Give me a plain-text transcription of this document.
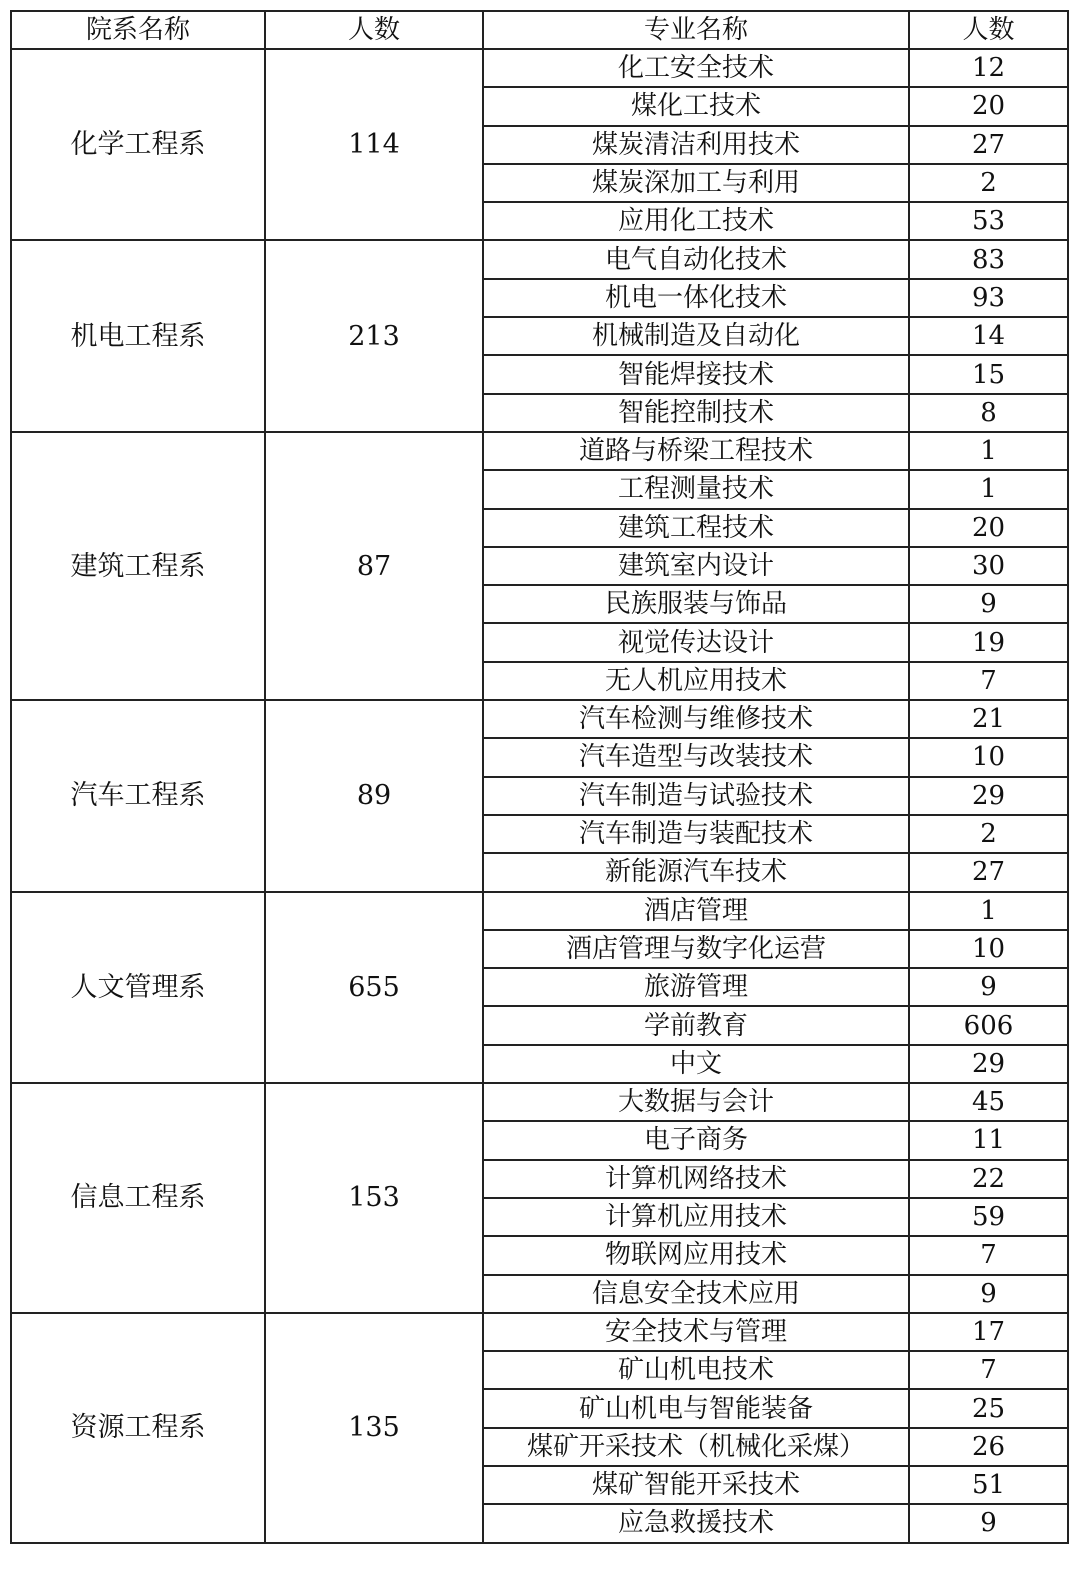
院系名称	人数	专业名称	人数
化学工程系	114	化工安全技术	12
		煤化工技术	20
		煤炭清洁利用技术	27
		煤炭深加工与利用	2
		应用化工技术	53
机电工程系	213	电气自动化技术	83
		机电一体化技术	93
		机械制造及自动化	14
		智能焊接技术	15
		智能控制技术	8
建筑工程系	87	道路与桥梁工程技术	1
		工程测量技术	1
		建筑工程技术	20
		建筑室内设计	30
		民族服装与饰品	9
		视觉传达设计	19
		无人机应用技术	7
汽车工程系	89	汽车检测与维修技术	21
		汽车造型与改装技术	10
		汽车制造与试验技术	29
		汽车制造与装配技术	2
		新能源汽车技术	27
人文管理系	655	酒店管理	1
		酒店管理与数字化运营	10
		旅游管理	9
		学前教育	606
		中文	29
信息工程系	153	大数据与会计	45
		电子商务	11
		计算机网络技术	22
		计算机应用技术	59
		物联网应用技术	7
		信息安全技术应用	9
资源工程系	135	安全技术与管理	17
		矿山机电技术	7
		矿山机电与智能装备	25
		煤矿开采技术（机械化采煤）	26
		煤矿智能开采技术	51
		应急救援技术	9
